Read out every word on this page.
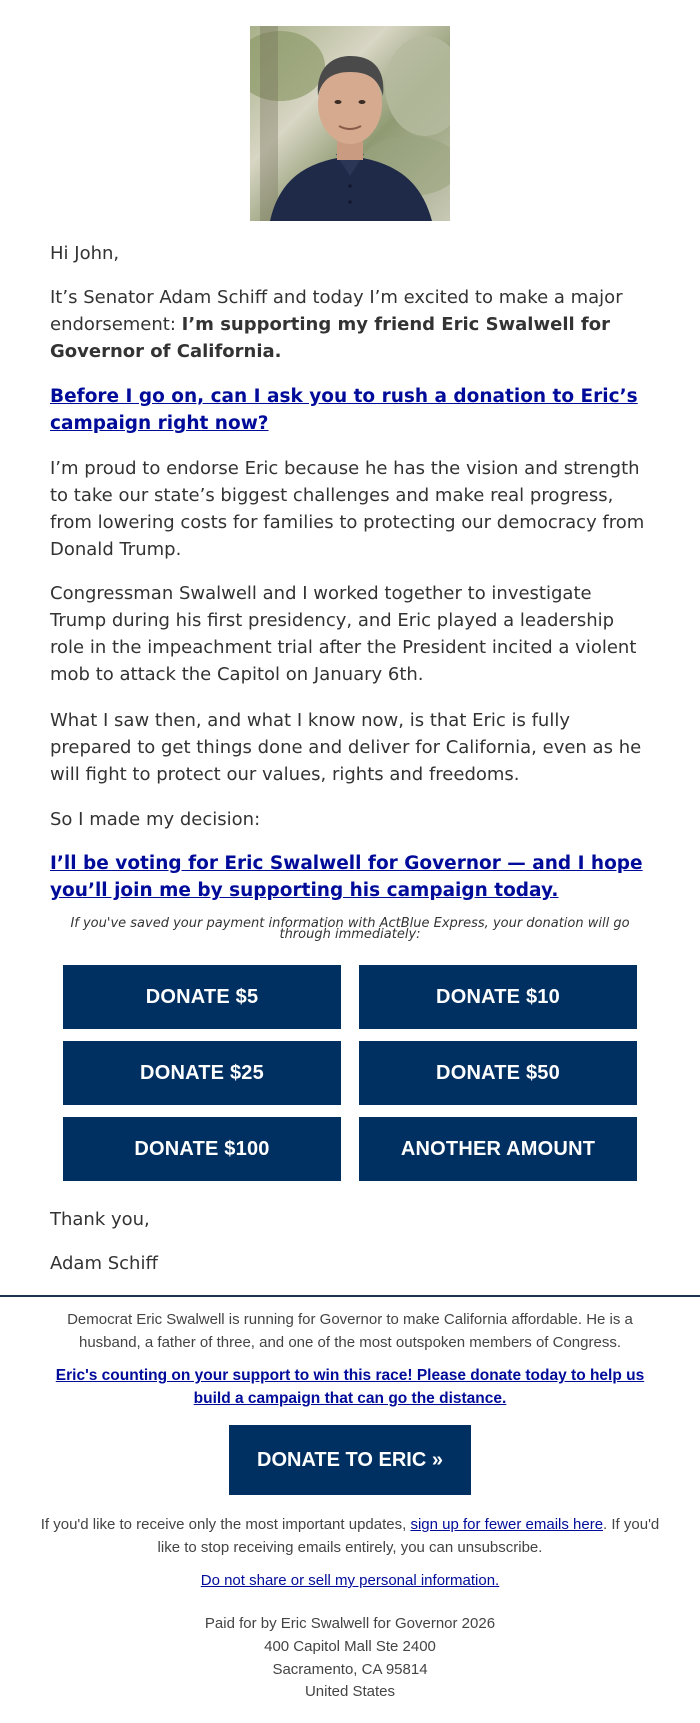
Hi John,
It’s Senator Adam Schiff and today I’m excited to make a major endorsement: I’m supporting my friend Eric Swalwell for Governor of California.
Before I go on, can I ask you to rush a donation to Eric’s campaign right now?
I’m proud to endorse Eric because he has the vision and strength to take our state’s biggest challenges and make real progress, from lowering costs for families to protecting our democracy from Donald Trump.
Congressman Swalwell and I worked together to investigate Trump during his first presidency, and Eric played a leadership role in the impeachment trial after the President incited a violent mob to attack the Capitol on January 6th.
What I saw then, and what I know now, is that Eric is fully prepared to get things done and deliver for California, even as he will fight to protect our values, rights and freedoms.
So I made my decision:
I’ll be voting for Eric Swalwell for Governor — and I hope you’ll join me by supporting his campaign today.
If you've saved your payment information with ActBlue Express, your donation will go through immediately:
DONATE $5	DONATE $10
DONATE $25	DONATE $50
DONATE $100	ANOTHER AMOUNT
Thank you,
Adam Schiff
Democrat Eric Swalwell is running for Governor to make California affordable. He is a husband, a father of three, and one of the most outspoken members of Congress.
Eric's counting on your support to win this race! Please donate today to help us build a campaign that can go the distance.
DONATE TO ERIC »
If you'd like to receive only the most important updates, sign up for fewer emails here. If you'd like to stop receiving emails entirely, you can unsubscribe.
Do not share or sell my personal information.
Paid for by Eric Swalwell for Governor 2026
400 Capitol Mall Ste 2400
Sacramento, CA 95814
United States
